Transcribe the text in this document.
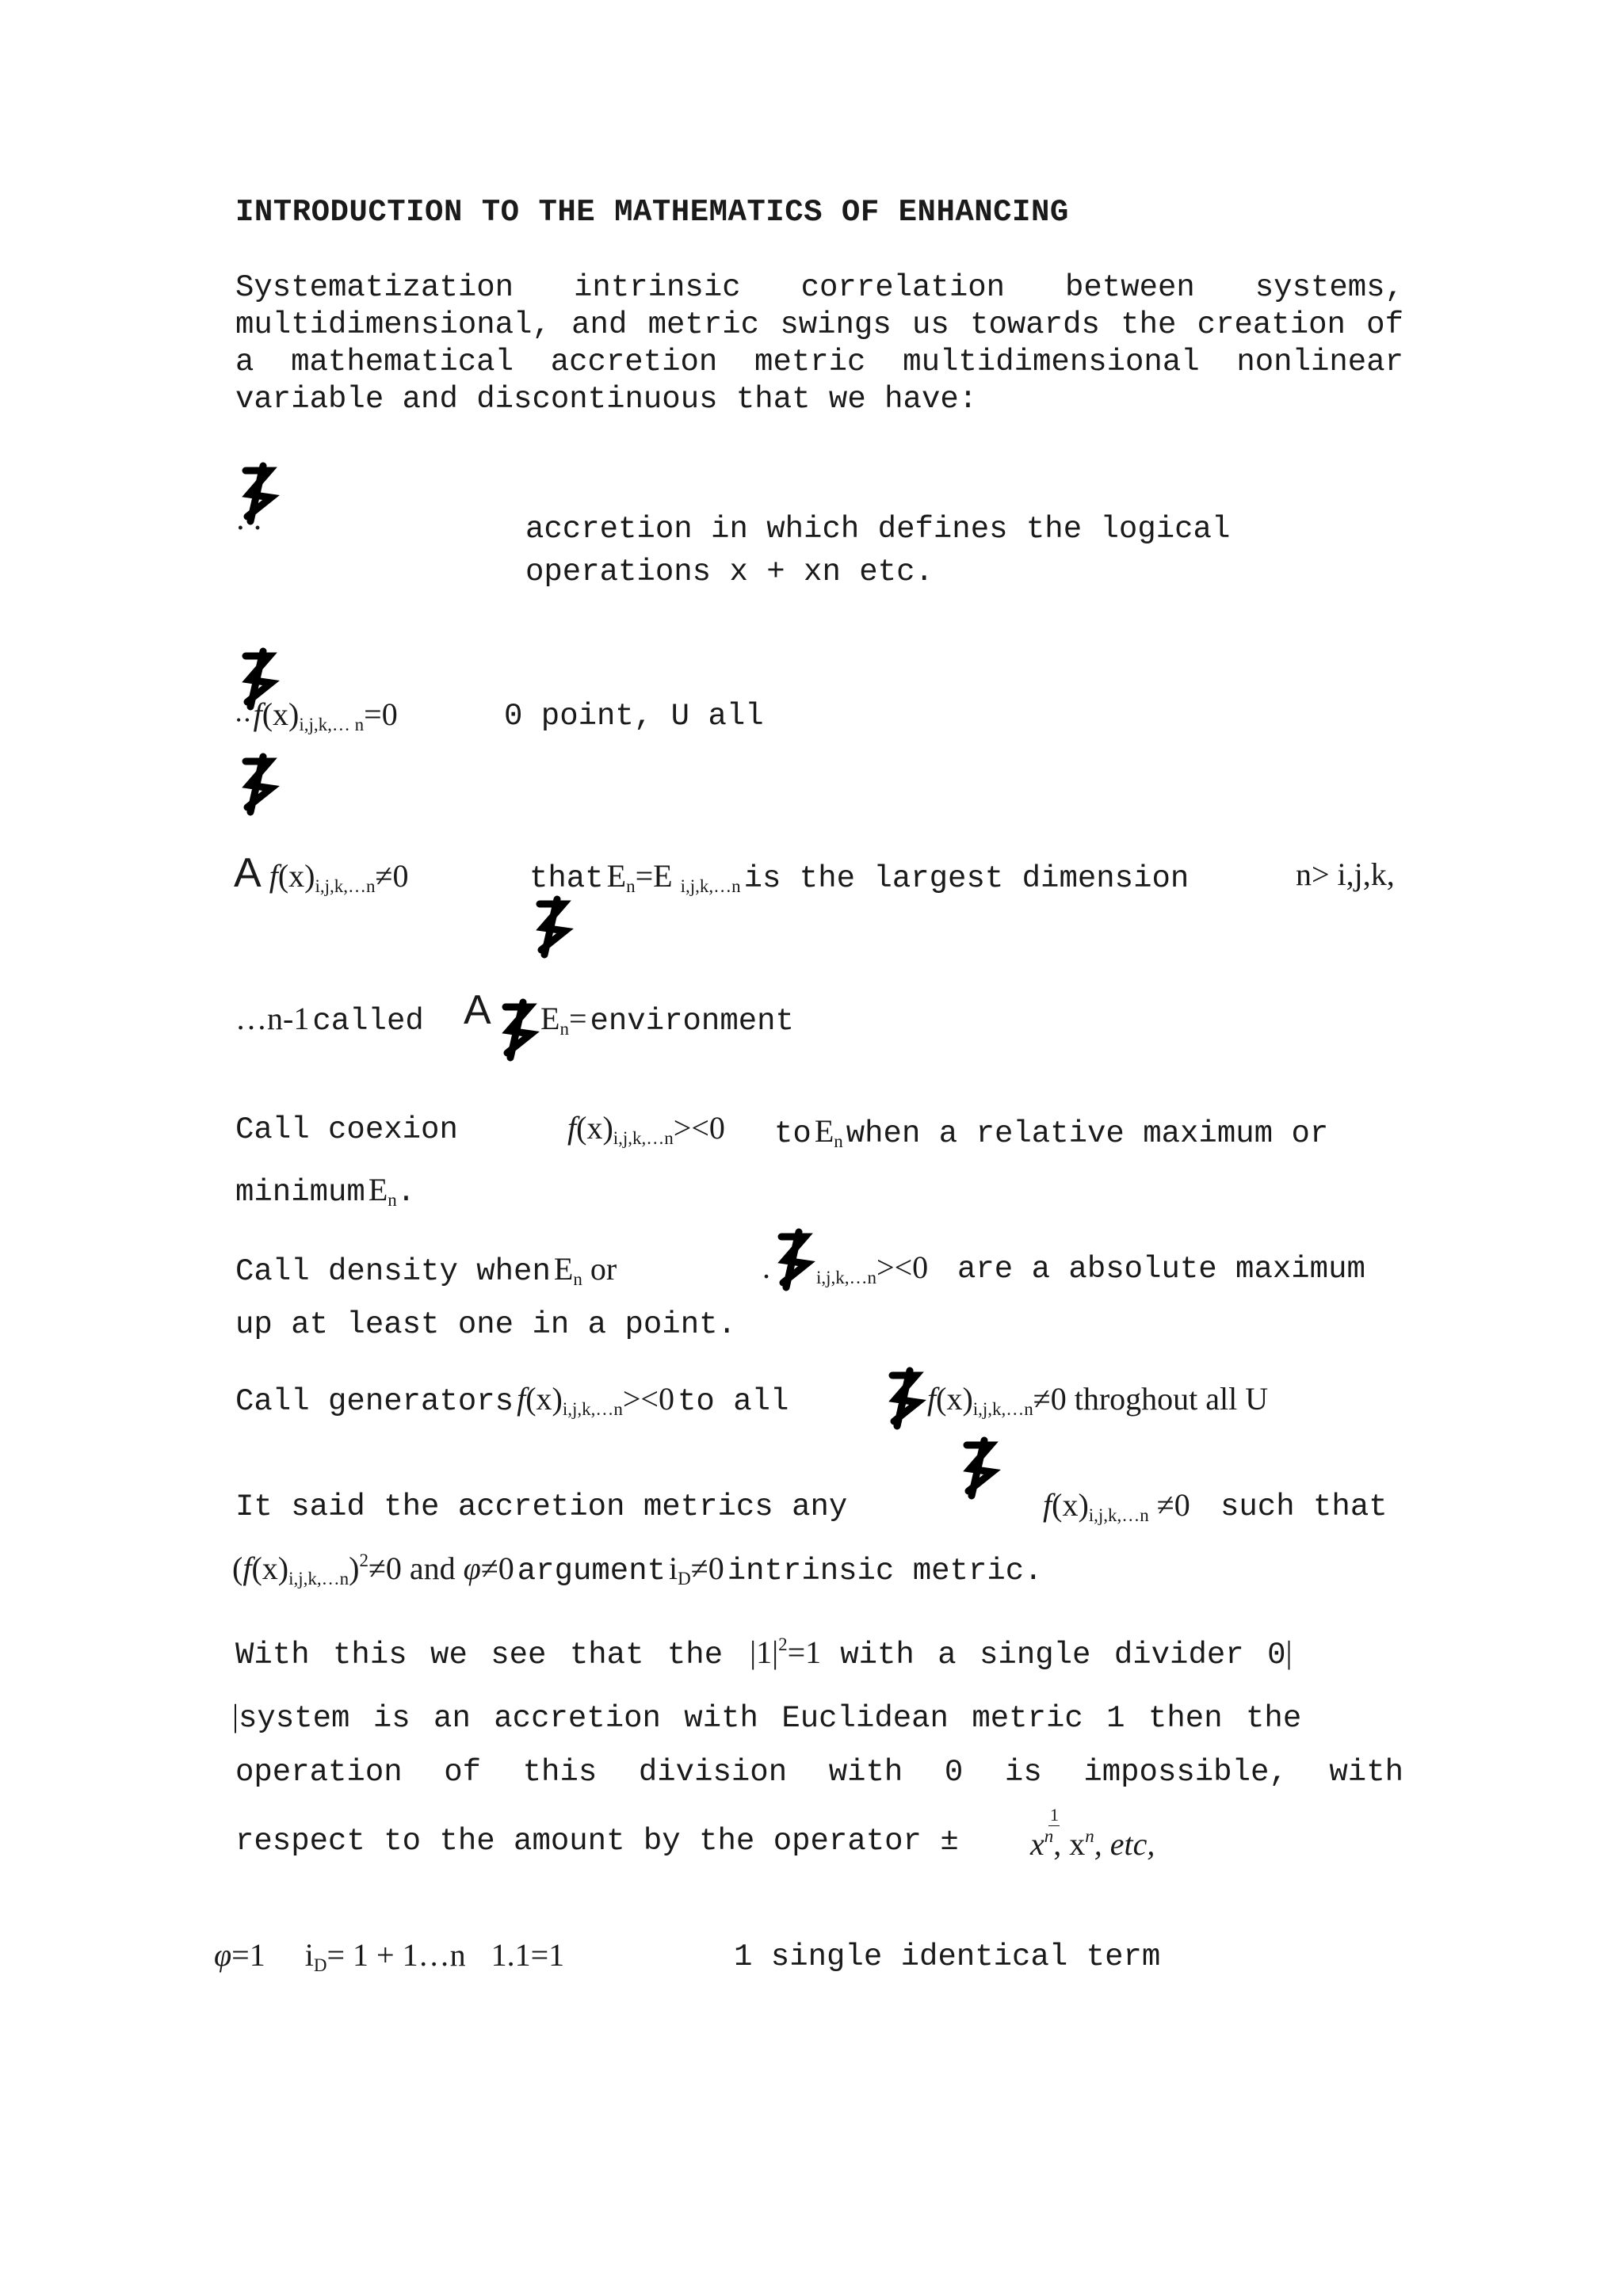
INTRODUCTION TO THE MATHEMATICS OF ENHANCING
Systematization intrinsic correlation between systems, multidimensional, and metric swings us towards the creation of a mathematical accretion metric multidimensional nonlinear variable and discontinuous that we have:
• •	accretion in which defines the logical
operations x + xn etc.
• • $f(x)_{i,j,k,\dots n}=0$	0 point, U all
A $f(x)_{i,j,k,\dots n}\ne 0$	that $E_n=E$ $_{i,j,k,\dots n}$ is the largest dimension	n> i,j,k,
…n-1 called A $E_n=$ environment
Call coexion	$f(x)_{i,j,k,\dots n}><0$ to $E_n$ when a relative maximum or
minimum $E_n$.
Call density when $E_n$ or	.	$_{i,j,k,\dots n}$><0 are a absolute maximum
up at least one in a point.
Call generators $f(x)_{i,j,k,\dots n}><0$ to all	$f(x)_{i,j,k,\dots n}\ne 0$ throghout all U
It said the accretion metrics any	$f(x)_{i,j,k,\dots n} \ne 0$ such that
$(f(x)_{i,j,k,\dots n})^2\ne 0$ and φ≠0 argument $i_D\ne 0$ intrinsic metric.
With this we see that the $|1|^2=1$ with a single divider 0|
|system is an accretion with Euclidean metric 1 then the
operation of this division with 0 is impossible, with
respect to the amount by the operator ±
1
$x^n$, $x^n$, etc,
φ=1 $i_D= 1$ + 1…n 1.1=1	1 single identical term
